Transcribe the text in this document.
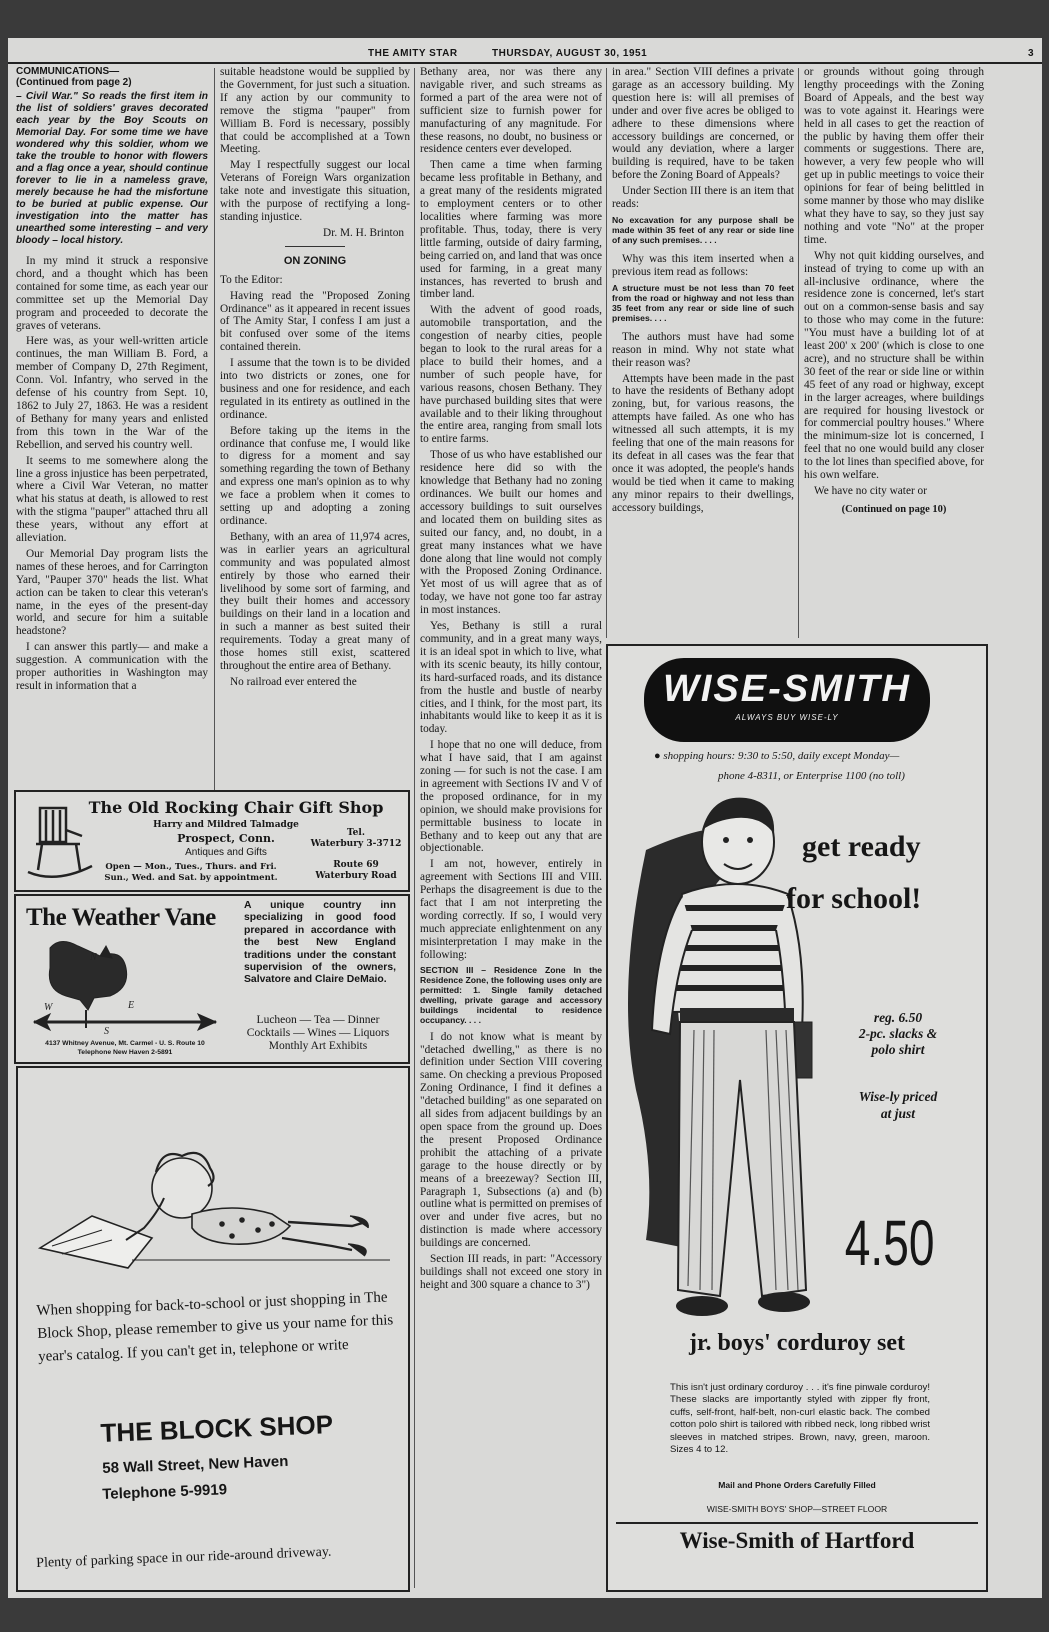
THE AMITY STAR	THURSDAY, AUGUST 30, 1951	3
COMMUNICATIONS—
(Continued from page 2)
– Civil War." So reads the first item in the list of soldiers' graves decorated each year by the Boy Scouts on Memorial Day. For some time we have wondered why this soldier, whom we take the trouble to honor with flowers and a flag once a year, should continue forever to lie in a nameless grave, merely because he had the misfortune to be buried at public expense. Our investigation into the matter has unearthed some interesting – and very bloody – local history.

In my mind it struck a responsive chord, and a thought which has been contained for some time, as each year our committee set up the Memorial Day program and proceeded to decorate the graves of veterans.

Here was, as your well-written article continues, the man William B. Ford, a member of Company D, 27th Regiment, Conn. Vol. Infantry, who served in the defense of his country from Sept. 10, 1862 to July 27, 1863. He was a resident of Bethany for many years and enlisted from this town in the War of the Rebellion, and served his country well.

It seems to me somewhere along the line a gross injustice has been perpetrated, where a Civil War Veteran, no matter what his status at death, is allowed to rest with the stigma "pauper" attached thru all these years, without any effort at alleviation.

Our Memorial Day program lists the names of these heroes, and for Carrington Yard, "Pauper 370" heads the list. What action can be taken to clear this veteran's name, in the eyes of the present-day world, and secure for him a suitable headstone?

I can answer this partly— and make a suggestion. A communication with the proper authorities in Washington may result in information that a

suitable headstone would be supplied by the Government, for just such a situation. If any action by our community to remove the stigma "pauper" from William B. Ford is necessary, possibly that could be accomplished at a Town Meeting.

May I respectfully suggest our local Veterans of Foreign Wars organization take note and investigate this situation, with the purpose of rectifying a long-standing injustice.

Dr. M. H. Brinton
ON ZONING

To the Editor:

Having read the "Proposed Zoning Ordinance" as it appeared in recent issues of The Amity Star, I confess I am just a bit confused over some of the items contained therein.

I assume that the town is to be divided into two districts or zones, one for business and one for residence, and each regulated in its entirety as outlined in the ordinance.

Before taking up the items in the ordinance that confuse me, I would like to digress for a moment and say something regarding the town of Bethany and express one man's opinion as to why we face a problem when it comes to setting up and adopting a zoning ordinance.

Bethany, with an area of 11,974 acres, was in earlier years an agricultural community and was populated almost entirely by those who earned their livelihood by some sort of farming, and they built their homes and accessory buildings on their land in a location and in such a manner as best suited their requirements. Today a great many of those homes still exist, scattered throughout the entire area of Bethany.

No railroad ever entered the

Bethany area, nor was there any navigable river, and such streams as formed a part of the area were not of sufficient size to furnish power for manufacturing of any magnitude. For these reasons, no doubt, no business or residence centers ever developed.

Then came a time when farming became less profitable in Bethany, and a great many of the residents migrated to employment centers or to other localities where farming was more profitable. Thus, today, there is very little farming, outside of dairy farming, being carried on, and land that was once used for farming, in a great many instances, has reverted to brush and timber land.

With the advent of good roads, automobile transportation, and the congestion of nearby cities, people began to look to the rural areas for a place to build their homes, and a number of such people have, for various reasons, chosen Bethany. They have purchased building sites that were available and to their liking throughout the entire area, ranging from small lots to entire farms.

Those of us who have established our residence here did so with the knowledge that Bethany had no zoning ordinances. We built our homes and accessory buildings to suit ourselves and located them on building sites as suited our fancy, and, no doubt, in a great many instances what we have done along that line would not comply with the Proposed Zoning Ordinance. Yet most of us will agree that as of today, we have not gone too far astray in most instances.

Yes, Bethany is still a rural community, and in a great many ways, it is an ideal spot in which to live, what with its scenic beauty, its hilly contour, its hard-surfaced roads, and its distance from the hustle and bustle of nearby cities, and I think, for the most part, its inhabitants would like to keep it as it is today.

I hope that no one will deduce, from what I have said, that I am against zoning — for such is not the case. I am in agreement with Sections IV and V of the proposed ordinance, for in my opinion, we should make provisions for permittable business to locate in Bethany and to keep out any that are objectionable.

I am not, however, entirely in agreement with Sections III and VIII. Perhaps the disagreement is due to the fact that I am not interpreting the wording correctly. If so, I would very much appreciate enlightenment on any misinterpretation I may make in the following:

SECTION III – Residence Zone In the Residence Zone, the following uses only are permitted: 1. Single family detached dwelling, private garage and accessory buildings incidental to residence occupancy. . . .

I do not know what is meant by "detached dwelling," as there is no definition under Section VIII covering same. On checking a previous Proposed Zoning Ordinance, I find it defines a "detached building" as one separated on all sides from adjacent buildings by an open space from the ground up. Does the present Proposed Ordinance prohibit the attaching of a private garage to the house directly or by means of a breezeway? Section III, Paragraph 1, Subsections (a) and (b) outline what is permitted on premises of over and under five acres, but no distinction is made where accessory buildings are concerned.

Section III reads, in part: "Accessory buildings shall not exceed one story in height and 300 square a chance to 3")

in area." Section VIII defines a private garage as an accessory building. My question here is: will all premises of under and over five acres be obliged to adhere to these dimensions where accessory buildings are concerned, or would any deviation, where a larger building is required, have to be taken before the Zoning Board of Appeals?

Under Section III there is an item that reads:

No excavation for any purpose shall be made within 35 feet of any rear or side line of any such premises. . . .

Why was this item inserted when a previous item read as follows:

A structure must be not less than 70 feet from the road or highway and not less than 35 feet from any rear or side line of such premises. . . .

The authors must have had some reason in mind. Why not state what their reason was?

Attempts have been made in the past to have the residents of Bethany adopt zoning, but, for various reasons, the attempts have failed. As one who has witnessed all such attempts, it is my feeling that one of the main reasons for its defeat in all cases was the fear that once it was adopted, the people's hands would be tied when it came to making any minor repairs to their dwellings, accessory buildings,

or grounds without going through lengthy proceedings with the Zoning Board of Appeals, and the best way was to vote against it. Hearings were held in all cases to get the reaction of the public by having them offer their comments or suggestions. There are, however, a very few people who will get up in public meetings to voice their opinions for fear of being belittled in some manner by those who may dislike what they have to say, so they just say nothing and vote "No" at the proper time.

Why not quit kidding ourselves, and instead of trying to come up with an all-inclusive ordinance, where the residence zone is concerned, let's start out on a common-sense basis and say to those who may come in the future: "You must have a building lot of at least 200' x 200' (which is close to one acre), and no structure shall be within 30 feet of the rear or side line or within 45 feet of any road or highway, except in the larger acreages, where buildings are required for housing livestock or for commercial poultry houses." Where the minimum-size lot is concerned, I feel that no one would build any closer to the lot lines than specified above, for his own welfare.

We have no city water or

(Continued on page 10)
The Old Rocking Chair Gift Shop
Harry and Mildred Talmadge
Prospect, Conn.
Antiques and Gifts
Open — Mon., Tues., Thurs. and Fri.
Sun., Wed. and Sat. by appointment.
Tel.
Waterbury 3-3712
Route 69
Waterbury Road
The Weather Vane
N
W	E
S
4137 Whitney Avenue, Mt. Carmel - U. S. Route 10
Telephone New Haven 2-5891
A unique country inn specializing in good food prepared in accordance with the best New England traditions under the constant supervision of the owners, Salvatore and Claire DeMaio.
Lucheon — Tea — Dinner
Cocktails — Wines — Liquors
Monthly Art Exhibits
When shopping for back-to-school or just shopping in The Block Shop, please remember to give us your name for this year's catalog. If you can't get in, telephone or write
THE BLOCK SHOP
58 Wall Street, New Haven
Telephone 5-9919
Plenty of parking space in our ride-around driveway.
WISE-SMITH
ALWAYS BUY WISE-LY
● shopping hours: 9:30 to 5:50, daily except Monday—
phone 4-8311, or Enterprise 1100 (no toll)
get ready
for school!
reg. 6.50
2-pc. slacks &
polo shirt
Wise-ly priced
at just
4.50
jr. boys' corduroy set
This isn't just ordinary corduroy . . . it's fine pinwale corduroy! These slacks are importantly styled with zipper fly front, cuffs, self-front, half-belt, non-curl elastic back. The combed cotton polo shirt is tailored with ribbed neck, long ribbed wrist sleeves in matched stripes. Brown, navy, green, maroon. Sizes 4 to 12.
Mail and Phone Orders Carefully Filled
WISE-SMITH BOYS' SHOP—STREET FLOOR
Wise-Smith of Hartford
